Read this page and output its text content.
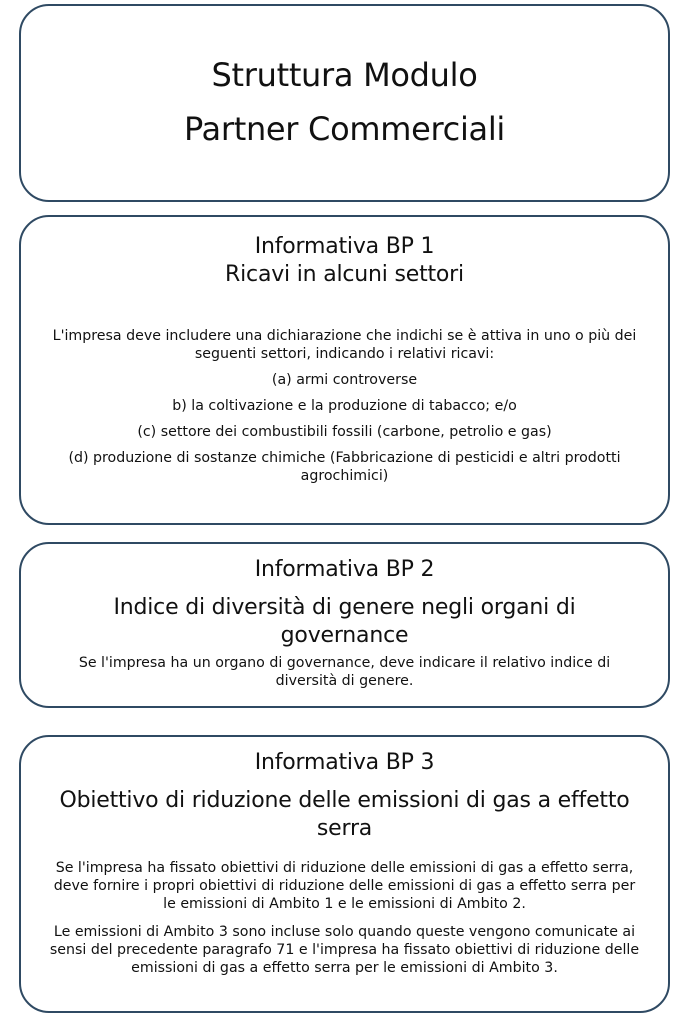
Struttura Modulo
Partner Commerciali
Informativa BP 1
Ricavi in alcuni settori
L'impresa deve includere una dichiarazione che indichi se è attiva in uno o più dei seguenti settori, indicando i relativi ricavi:
(a) armi controverse
b) la coltivazione e la produzione di tabacco; e/o
(c) settore dei combustibili fossili (carbone, petrolio e gas)
(d) produzione di sostanze chimiche (Fabbricazione di pesticidi e altri prodotti agrochimici)
Informativa BP 2
Indice di diversità di genere negli organi di governance
Se l'impresa ha un organo di governance, deve indicare il relativo indice di diversità di genere.
Informativa BP 3
Obiettivo di riduzione delle emissioni di gas a effetto serra
Se l'impresa ha fissato obiettivi di riduzione delle emissioni di gas a effetto serra, deve fornire i propri obiettivi di riduzione delle emissioni di gas a effetto serra per le emissioni di Ambito 1 e le emissioni di Ambito 2.
Le emissioni di Ambito 3 sono incluse solo quando queste vengono comunicate ai sensi del precedente paragrafo 71 e l'impresa ha fissato obiettivi di riduzione delle emissioni di gas a effetto serra per le emissioni di Ambito 3.
